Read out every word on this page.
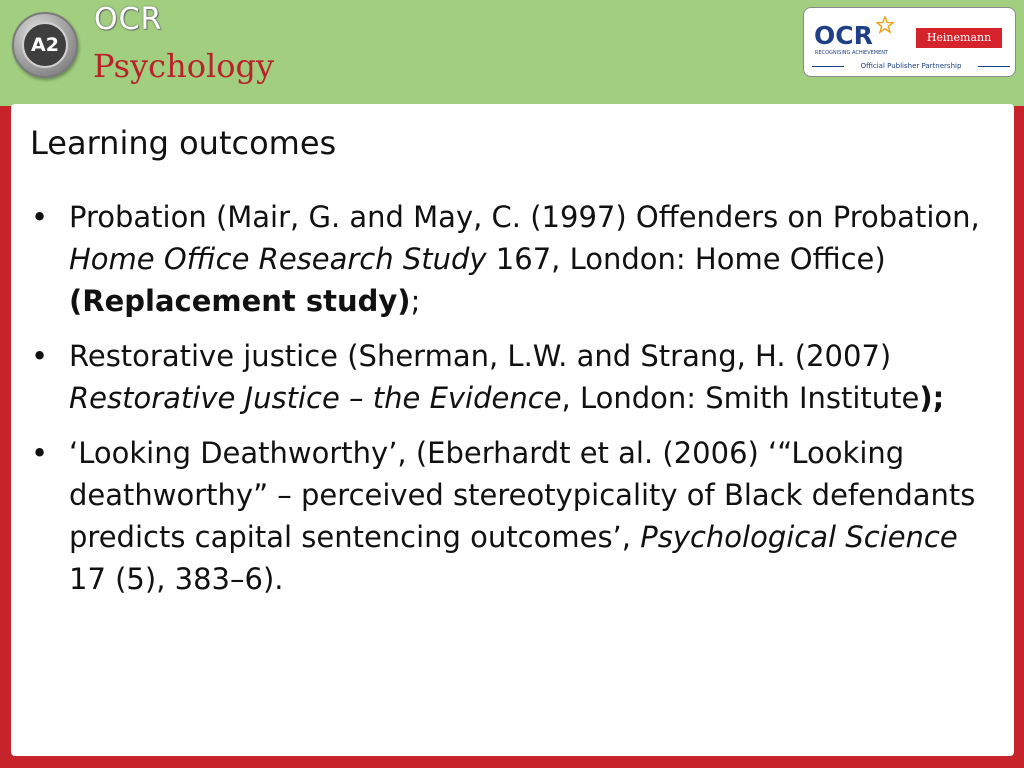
A2
OCR
Psychology
OCR
RECOGNISING ACHIEVEMENT
Heinemann
Official Publisher Partnership
Learning outcomes
• Probation (Mair, G. and May, C. (1997) Offenders on Probation, Home Office Research Study 167, London: Home Office) (Replacement study);
• Restorative justice (Sherman, L.W. and Strang, H. (2007) Restorative Justice – the Evidence, London: Smith Institute);
• ‘Looking Deathworthy’, (Eberhardt et al. (2006) ‘“Looking deathworthy” – perceived stereotypicality of Black defendants predicts capital sentencing outcomes’, Psychological Science 17 (5), 383–6).
